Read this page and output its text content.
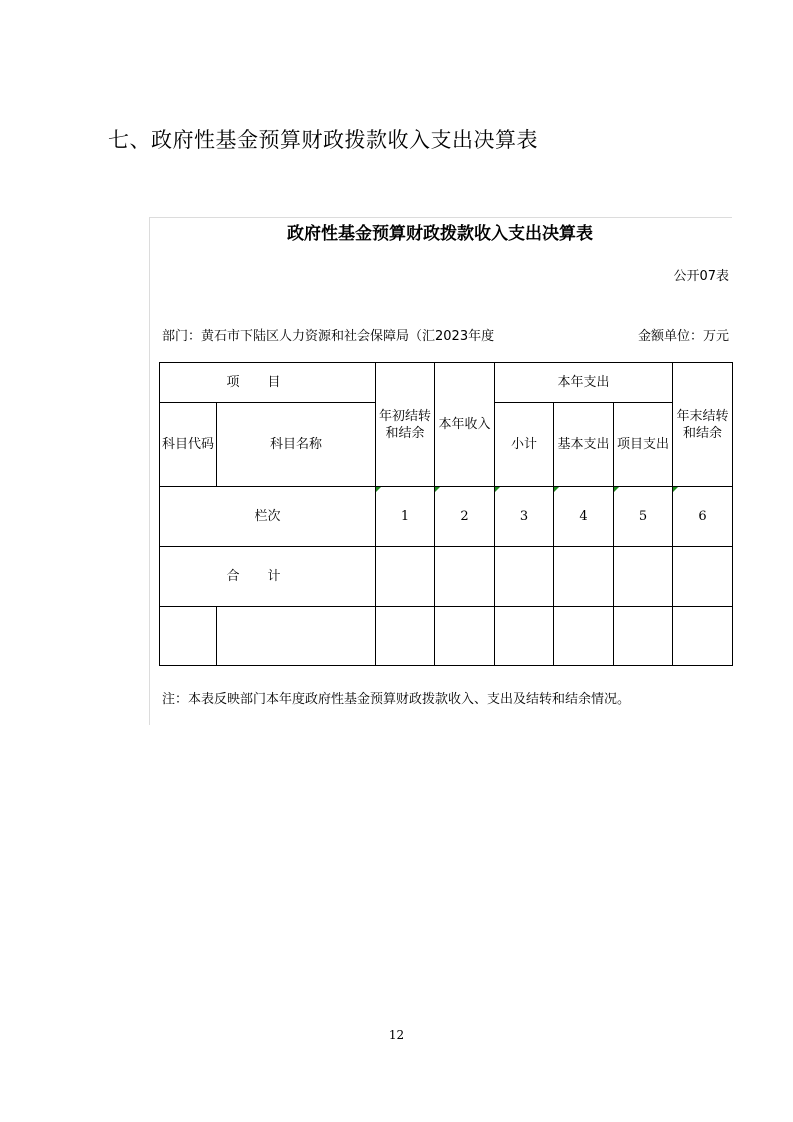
七、政府性基金预算财政拨款收入支出决算表
政府性基金预算财政拨款收入支出决算表
公开07表
部门：黄石市下陆区人力资源和社会保障局（汇2023年度	金额单位：万元
项目		年初结转和结余	本年收入	本年支出			年末结转和结余
科目代码	科目名称			小计	基本支出	项目支出	
栏次		1	2	3	4	5	6
合计							

注：本表反映部门本年度政府性基金预算财政拨款收入、支出及结转和结余情况。
12
